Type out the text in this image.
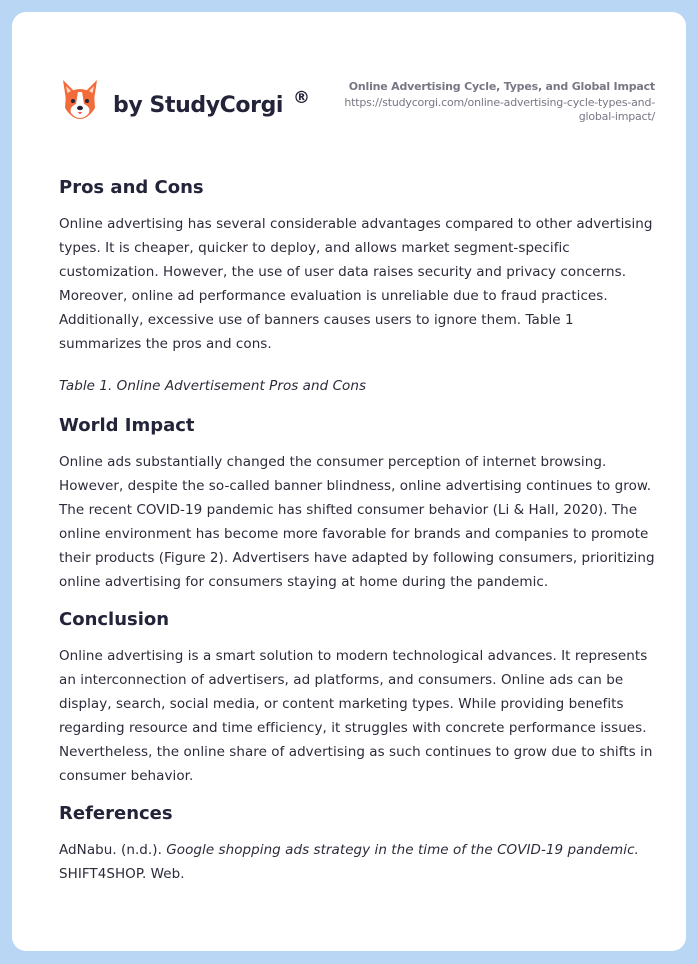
by StudyCorgi ®
Online Advertising Cycle, Types, and Global Impact
https://studycorgi.com/online-advertising-cycle-types-and-global-impact/
Pros and Cons

Online advertising has several considerable advantages compared to other advertising types. It is cheaper, quicker to deploy, and allows market segment-specific customization. However, the use of user data raises security and privacy concerns. Moreover, online ad performance evaluation is unreliable due to fraud practices. Additionally, excessive use of banners causes users to ignore them. Table 1 summarizes the pros and cons.

Table 1. Online Advertisement Pros and Cons

World Impact

Online ads substantially changed the consumer perception of internet browsing. However, despite the so-called banner blindness, online advertising continues to grow. The recent COVID-19 pandemic has shifted consumer behavior (Li & Hall, 2020). The online environment has become more favorable for brands and companies to promote their products (Figure 2). Advertisers have adapted by following consumers, prioritizing online advertising for consumers staying at home during the pandemic.

Conclusion

Online advertising is a smart solution to modern technological advances. It represents an interconnection of advertisers, ad platforms, and consumers. Online ads can be display, search, social media, or content marketing types. While providing benefits regarding resource and time efficiency, it struggles with concrete performance issues. Nevertheless, the online share of advertising as such continues to grow due to shifts in consumer behavior.

References

AdNabu. (n.d.). Google shopping ads strategy in the time of the COVID-19 pandemic. SHIFT4SHOP. Web.
